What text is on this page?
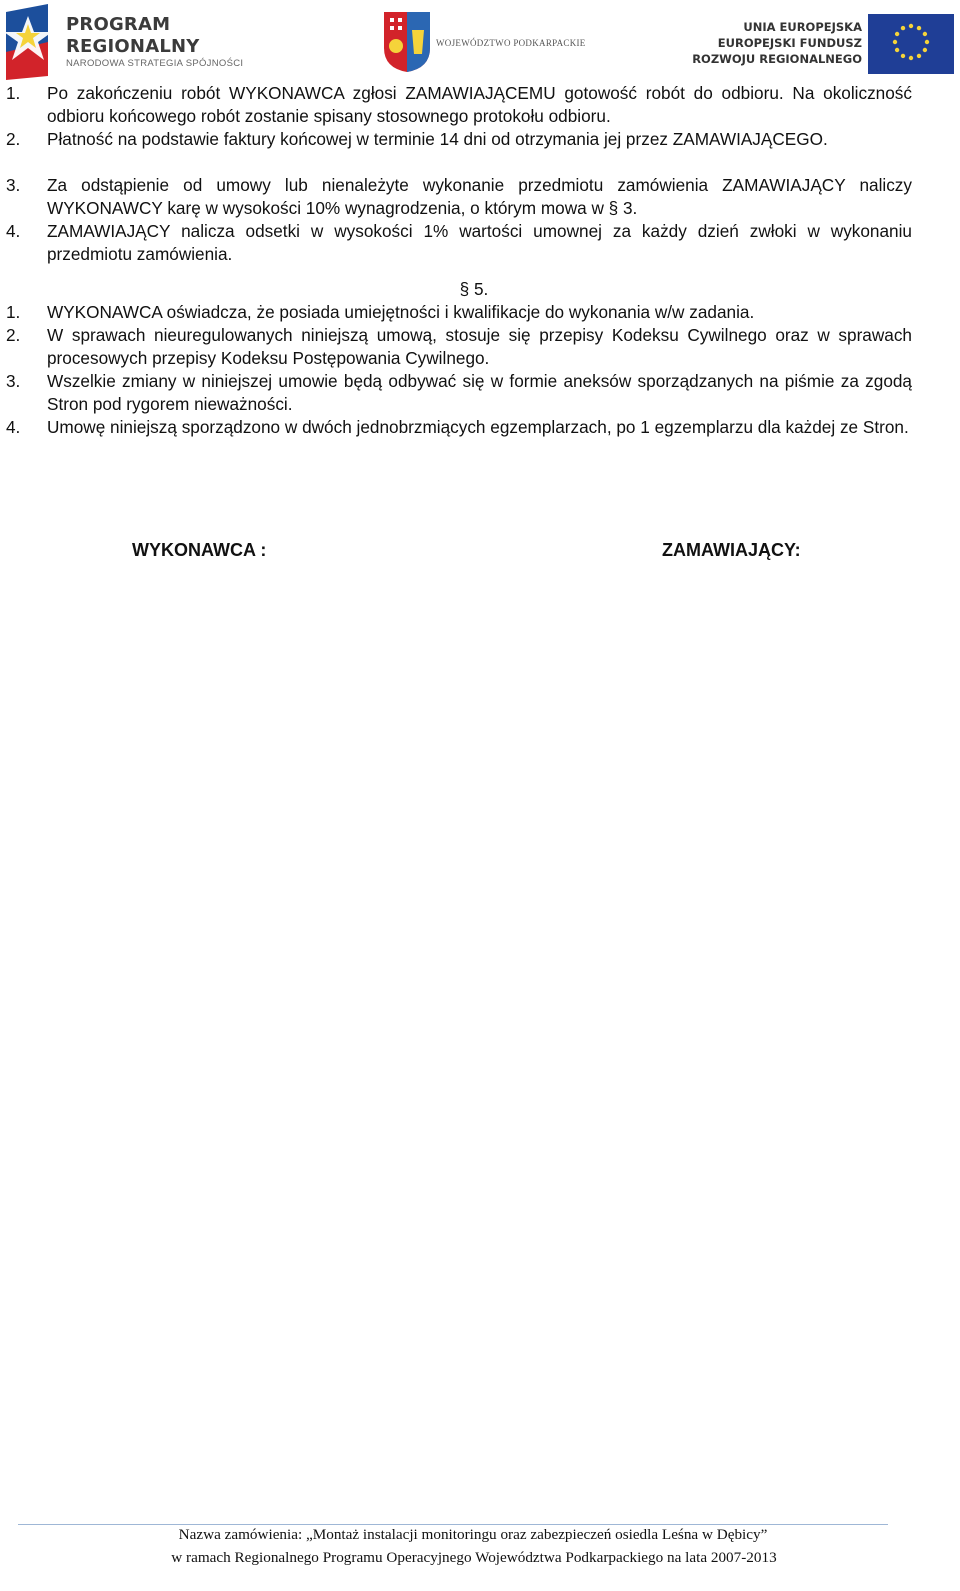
PROGRAM
REGIONALNY
NARODOWA STRATEGIA SPÓJNOŚCI
WOJEWÓDZTWO PODKARPACKIE
UNIA EUROPEJSKA
EUROPEJSKI FUNDUSZ
ROZWOJU REGIONALNEGO
1. Po zakończeniu robót WYKONAWCA zgłosi ZAMAWIAJĄCEMU gotowość robót do odbioru. Na okoliczność odbioru końcowego robót zostanie spisany stosownego protokołu odbioru.
2. Płatność na podstawie faktury końcowej w terminie 14 dni od otrzymania jej przez ZAMAWIAJĄCEGO.
3. Za odstąpienie od umowy lub nienależyte wykonanie przedmiotu zamówienia ZAMAWIAJĄCY naliczy WYKONAWCY karę w wysokości 10% wynagrodzenia, o którym mowa w § 3.
4. ZAMAWIAJĄCY nalicza odsetki w wysokości 1% wartości umownej za każdy dzień zwłoki w wykonaniu przedmiotu zamówienia.
§ 5.
1. WYKONAWCA oświadcza, że posiada umiejętności i kwalifikacje do wykonania w/w zadania.
2. W sprawach nieuregulowanych niniejszą umową, stosuje się przepisy Kodeksu Cywilnego oraz w sprawach procesowych przepisy Kodeksu Postępowania Cywilnego.
3. Wszelkie zmiany w niniejszej umowie będą odbywać się w formie aneksów sporządzanych na piśmie za zgodą Stron pod rygorem nieważności.
4. Umowę niniejszą sporządzono w dwóch jednobrzmiących egzemplarzach, po 1 egzemplarzu dla każdej ze Stron.
WYKONAWCA :	ZAMAWIAJĄCY:
Nazwa zamówienia: „Montaż instalacji monitoringu oraz zabezpieczeń osiedla Leśna w Dębicy”
w ramach Regionalnego Programu Operacyjnego Województwa Podkarpackiego na lata 2007-2013
